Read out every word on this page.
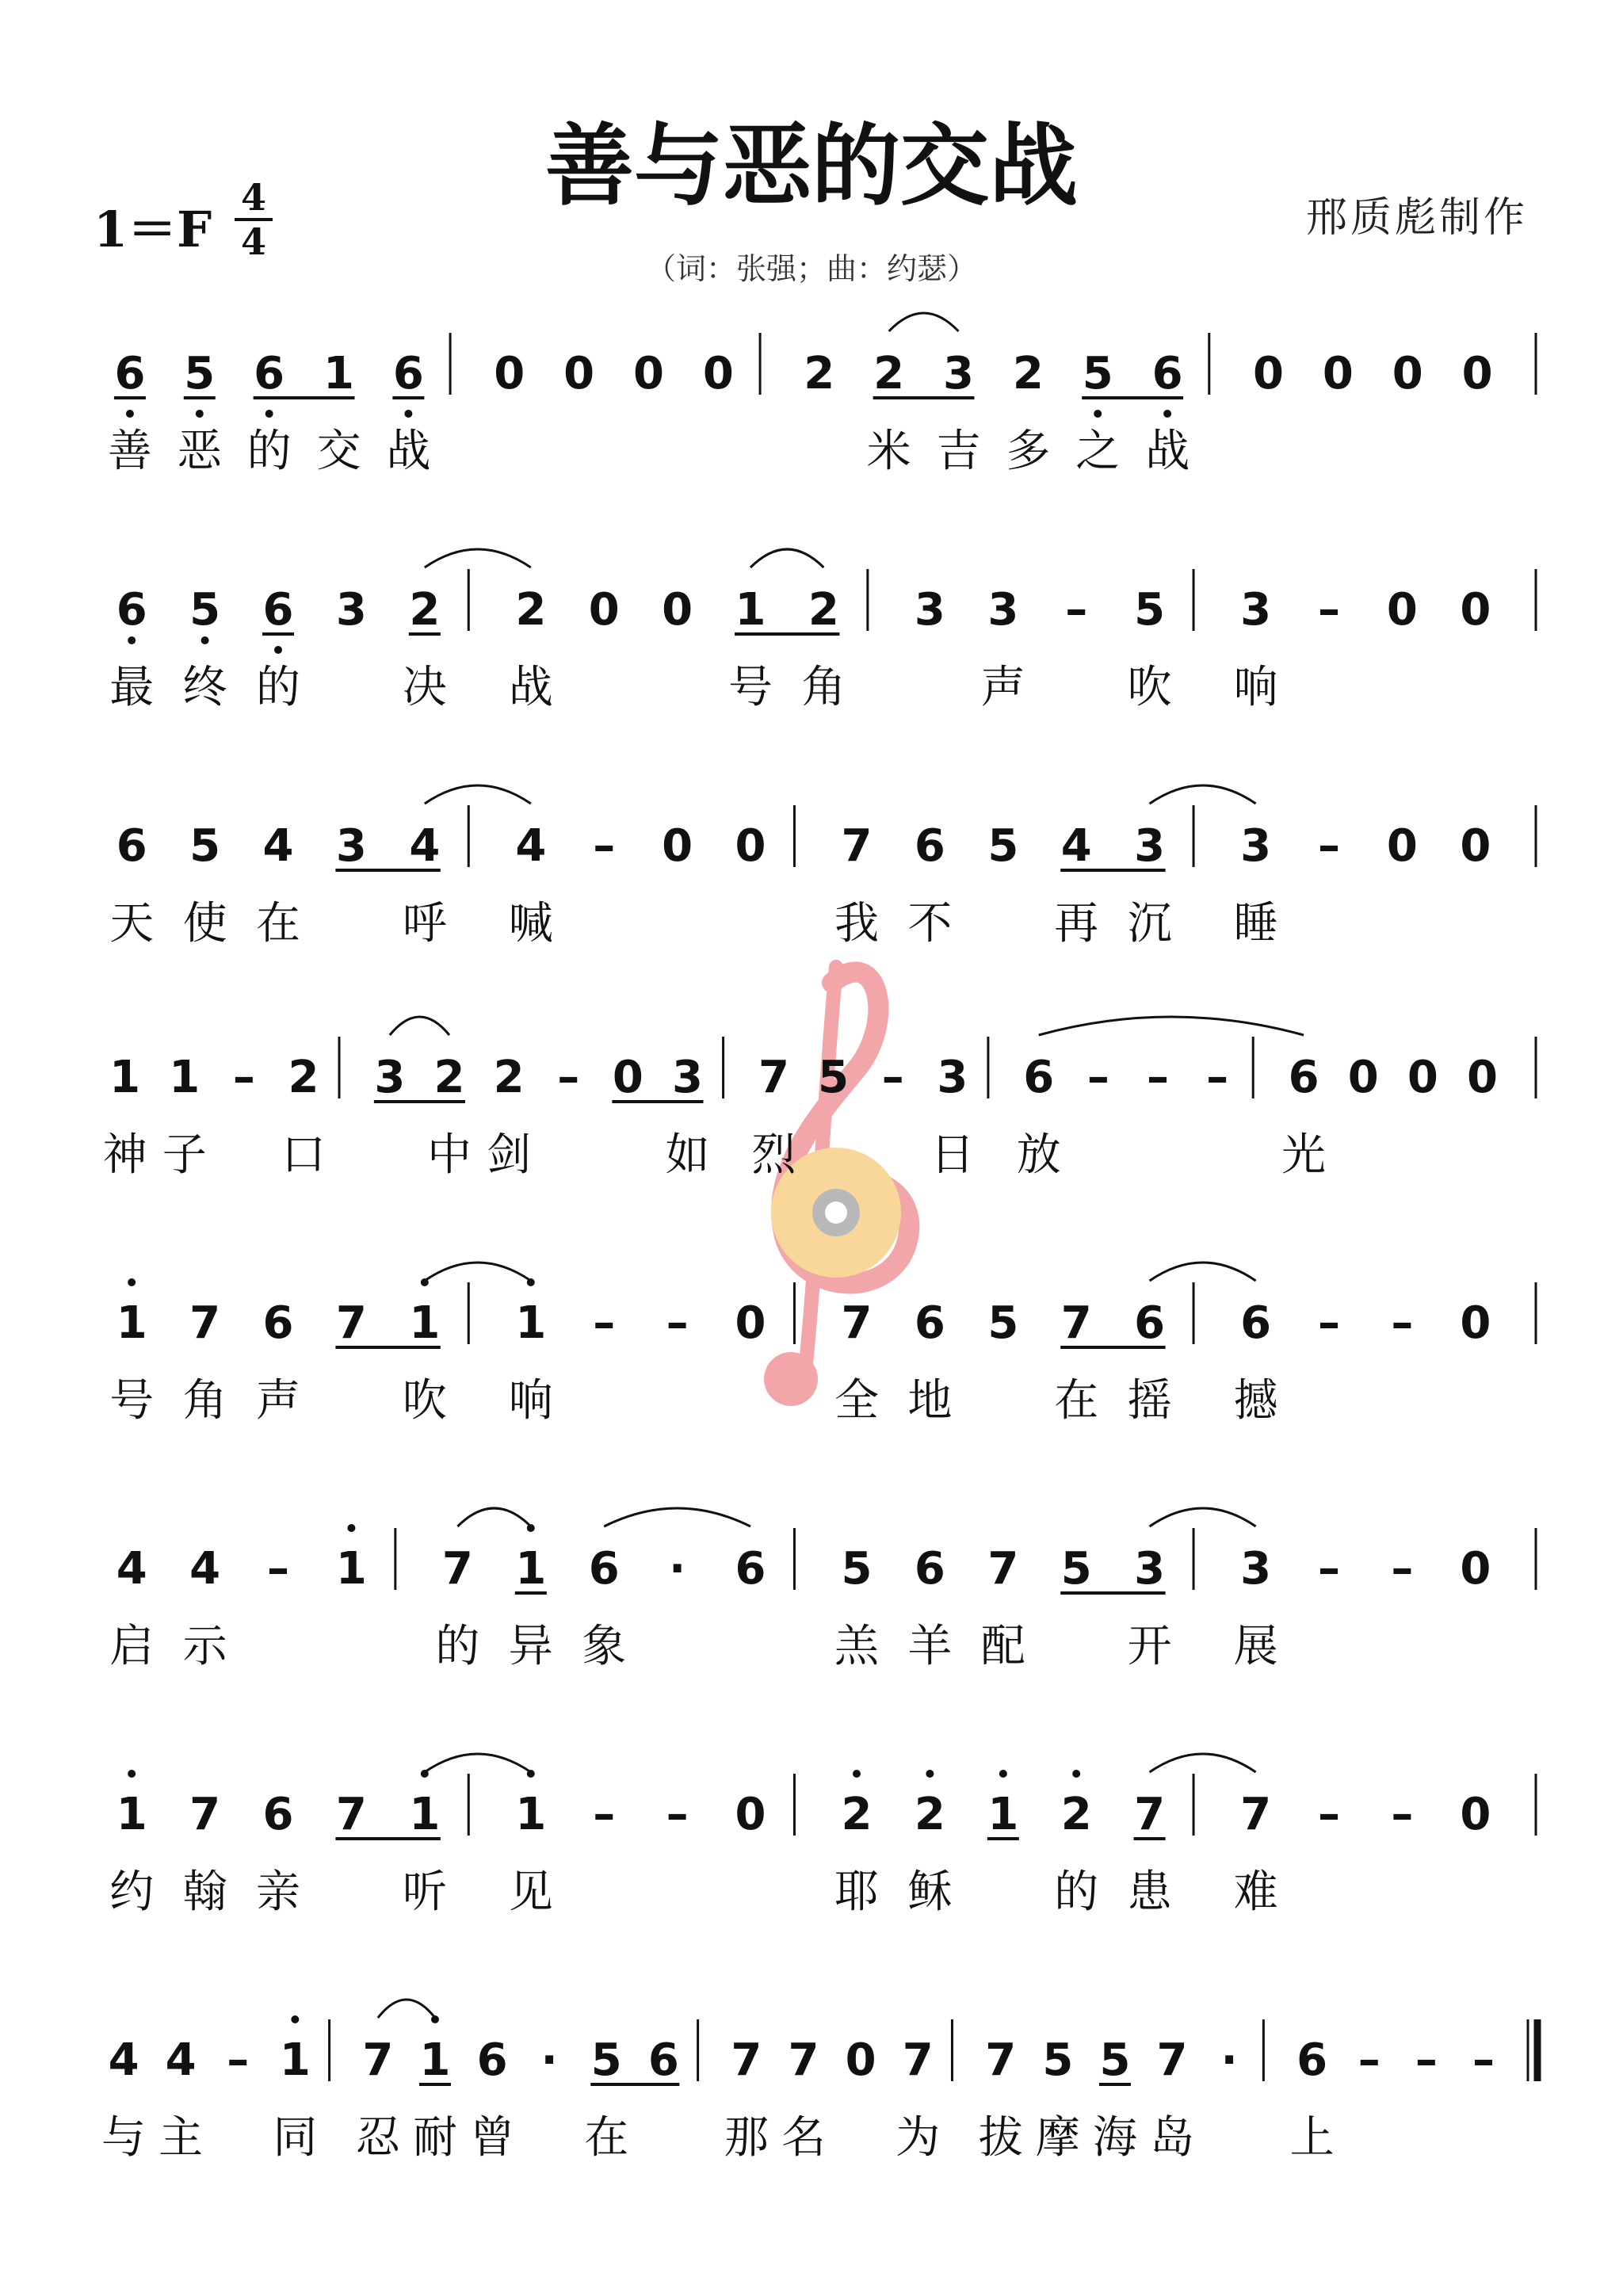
善与恶的交战
1＝F
4
4	邢质彪制作
（词：张强；曲：约瑟）
6 5 6 1 6 0 0 0 0 2 2 3 2 5 6 0 0 0 0
善 恶 的 交 战	米 吉 多 之 战
6 5 6 3 2 2 0 0 1 2 3 3 – 5 3 – 0 0
最 终 的 决 战	号 角	声 吹 响
6 5 4 3 4 4 – 0 0 7 6 5 4 3 3 – 0 0
天 使 在 呼 喊	我 不 再 沉 睡
1 1 – 2 3 2 2 – 0 3 7 5 – 3 6 – – – 6 0 0 0
神 子 口 中 剑	如 烈	日 放	光
1 7 6 7 1 1 – – 0 7 6 5 7 6 6 – – 0
号 角 声 吹 响	全 地 在 摇 撼
4 4 – 1 7 1 6 · 6 5 6 7 5 3 3 – – 0
启 示	的 异 象	羔 羊 配 开 展
1 7 6 7 1 1 – – 0 2 2 1 2 7 7 – – 0
约 翰 亲 听 见	耶 稣 的 患 难
4 4 – 1 7 1 6 · 5 6 7 7 0 7 7 5 5 7 · 6 – – –
与 主 同 忍 耐 曾 在 那 名 为 拔 摩 海 岛 上
